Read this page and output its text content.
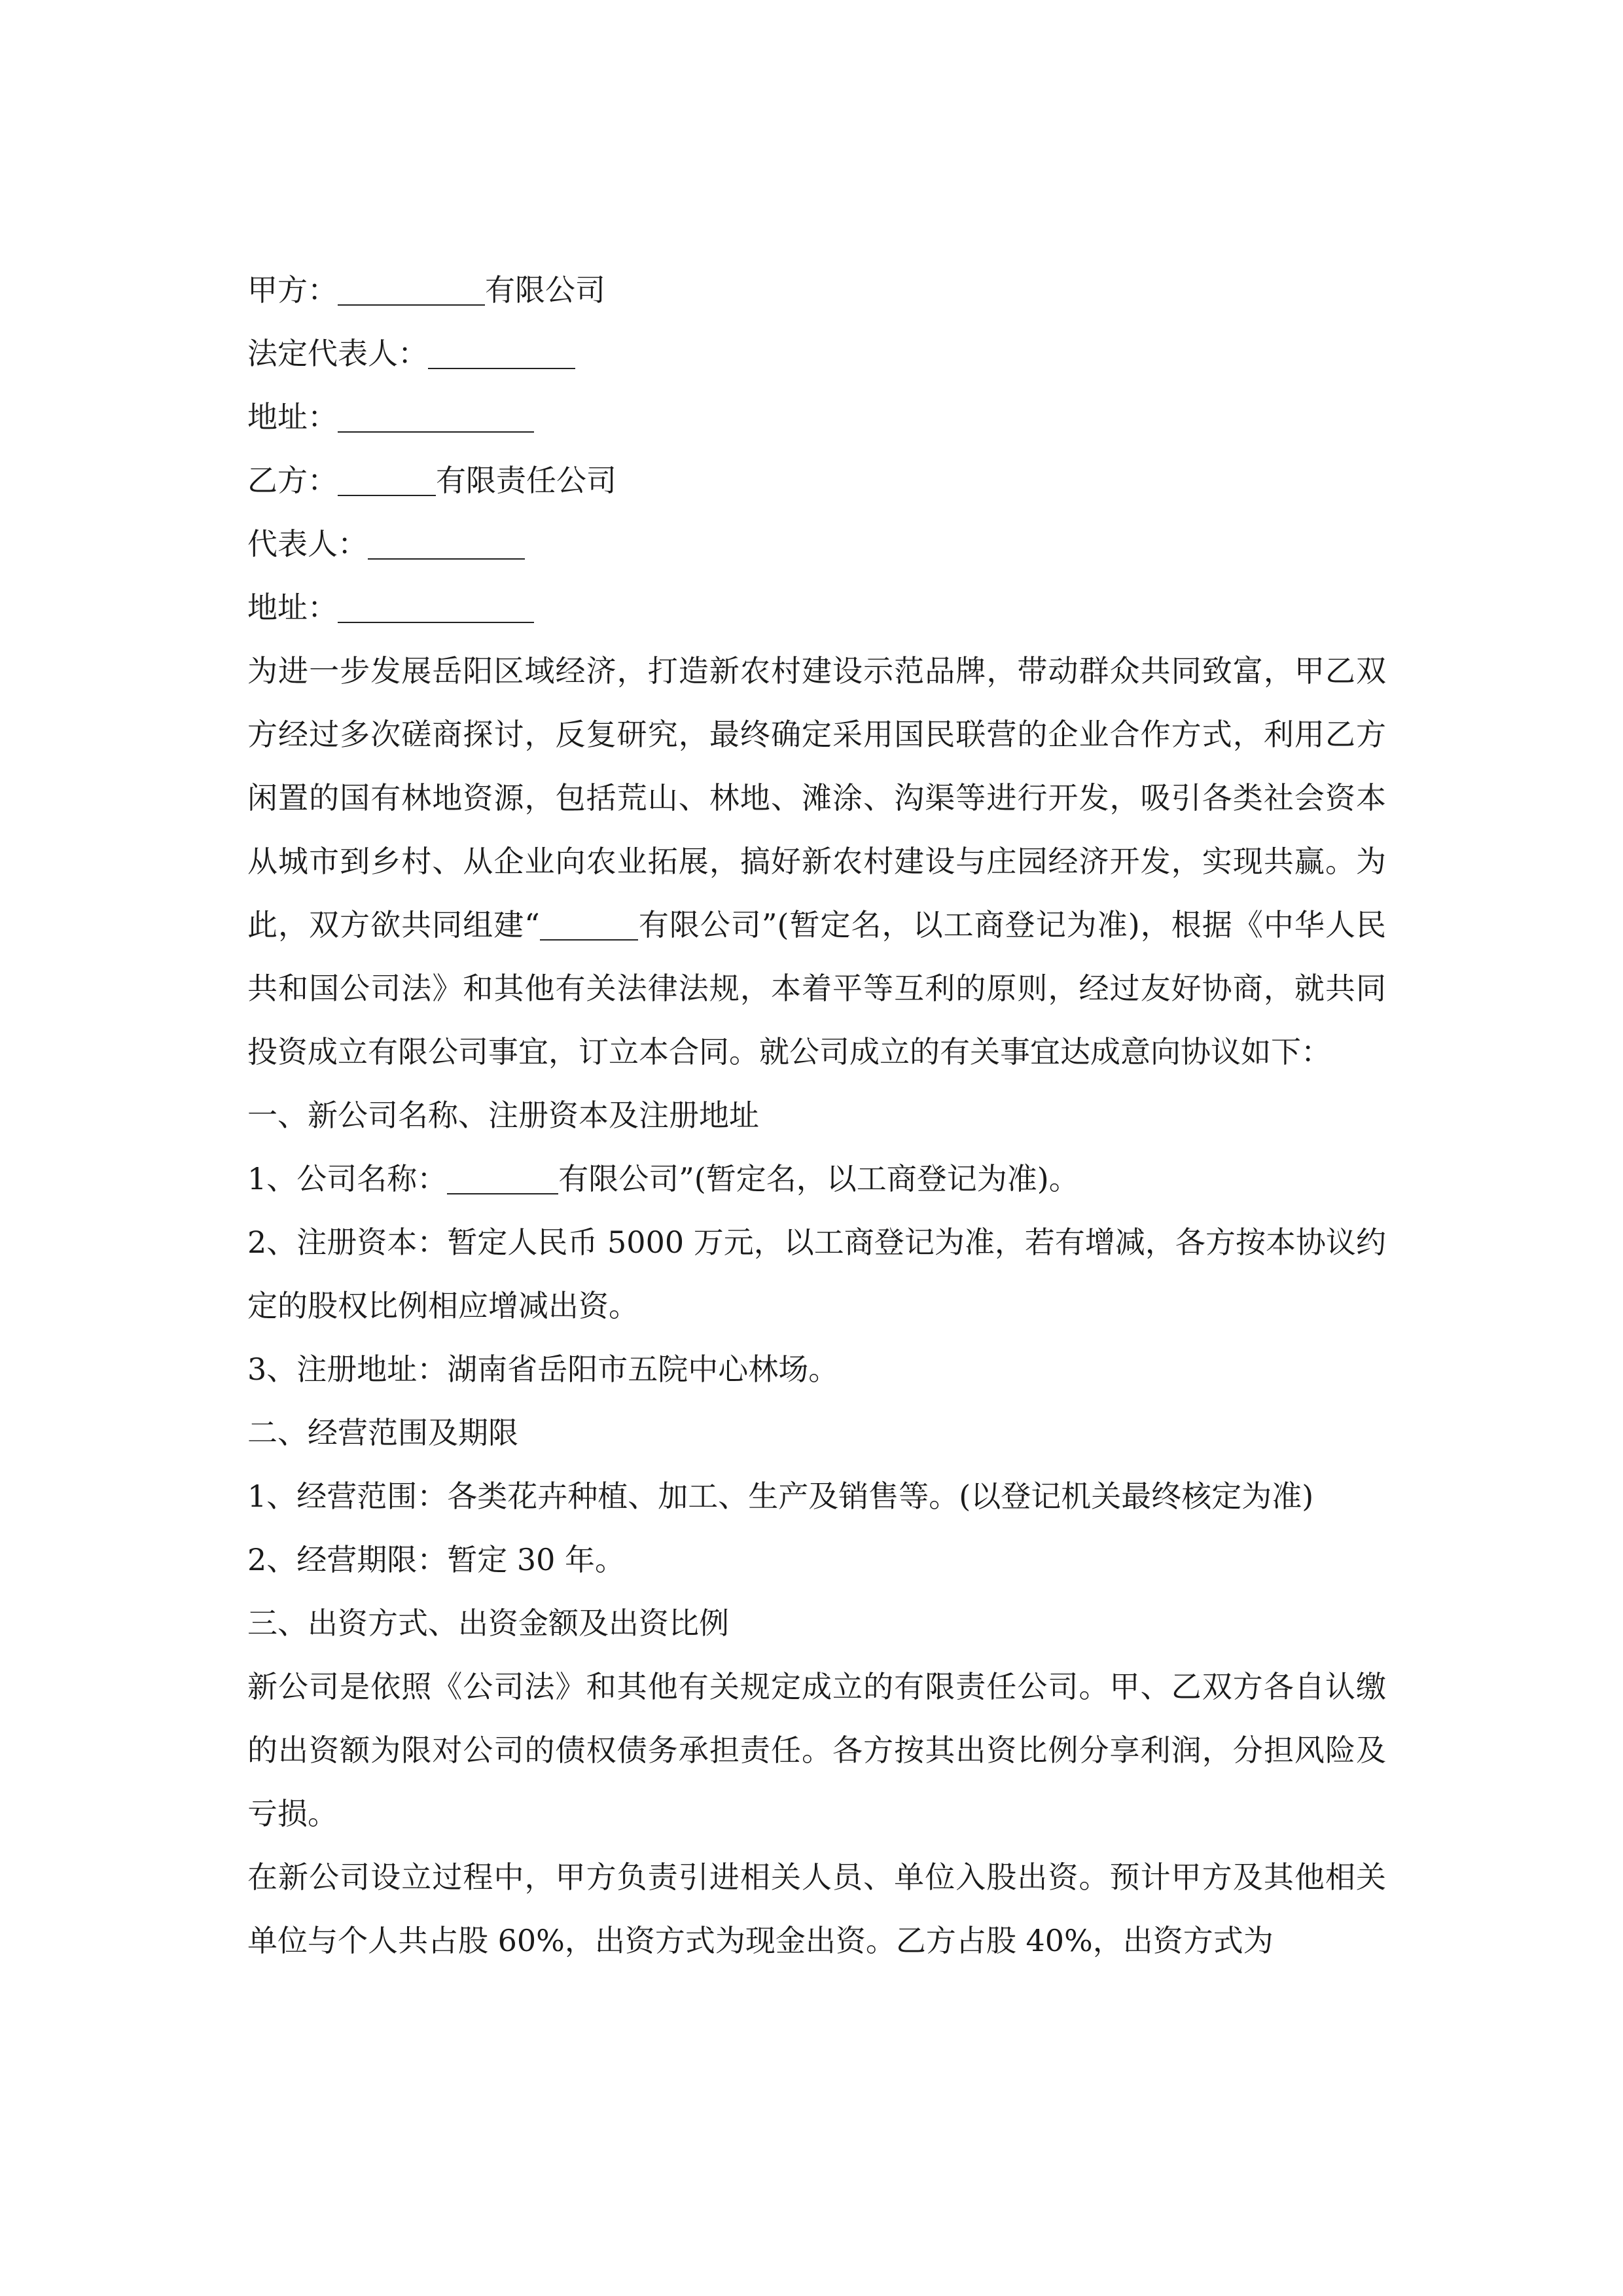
甲方：	有限公司
法定代表人：
地址：
乙方：	有限责任公司
代表人：
地址：
为进一步发展岳阳区域经济，打造新农村建设示范品牌，带动群众共同致富，甲乙双方经过多次磋商探讨，反复研究，最终确定采用国民联营的企业合作方式，利用乙方闲置的国有林地资源，包括荒山、林地、滩涂、沟渠等进行开发，吸引各类社会资本从城市到乡村、从企业向农业拓展，搞好新农村建设与庄园经济开发，实现共赢。为此，双方欲共同组建“	有限公司”(暂定名，以工商登记为准)，根据《中华人民共和国公司法》和其他有关法律法规，本着平等互利的原则，经过友好协商，就共同投资成立有限公司事宜，订立本合同。就公司成立的有关事宜达成意向协议如下：
一、新公司名称、注册资本及注册地址
1、公司名称：	有限公司”(暂定名，以工商登记为准)。
2、注册资本：暂定人民币 5000 万元，以工商登记为准，若有增减，各方按本协议约定的股权比例相应增减出资。
3、注册地址：湖南省岳阳市五院中心林场。
二、经营范围及期限
1、经营范围：各类花卉种植、加工、生产及销售等。(以登记机关最终核定为准)
2、经营期限：暂定 30 年。
三、出资方式、出资金额及出资比例
新公司是依照《公司法》和其他有关规定成立的有限责任公司。甲、乙双方各自认缴的出资额为限对公司的债权债务承担责任。各方按其出资比例分享利润，分担风险及亏损。
在新公司设立过程中，甲方负责引进相关人员、单位入股出资。预计甲方及其他相关单位与个人共占股 60%，出资方式为现金出资。乙方占股 40%，出资方式为
